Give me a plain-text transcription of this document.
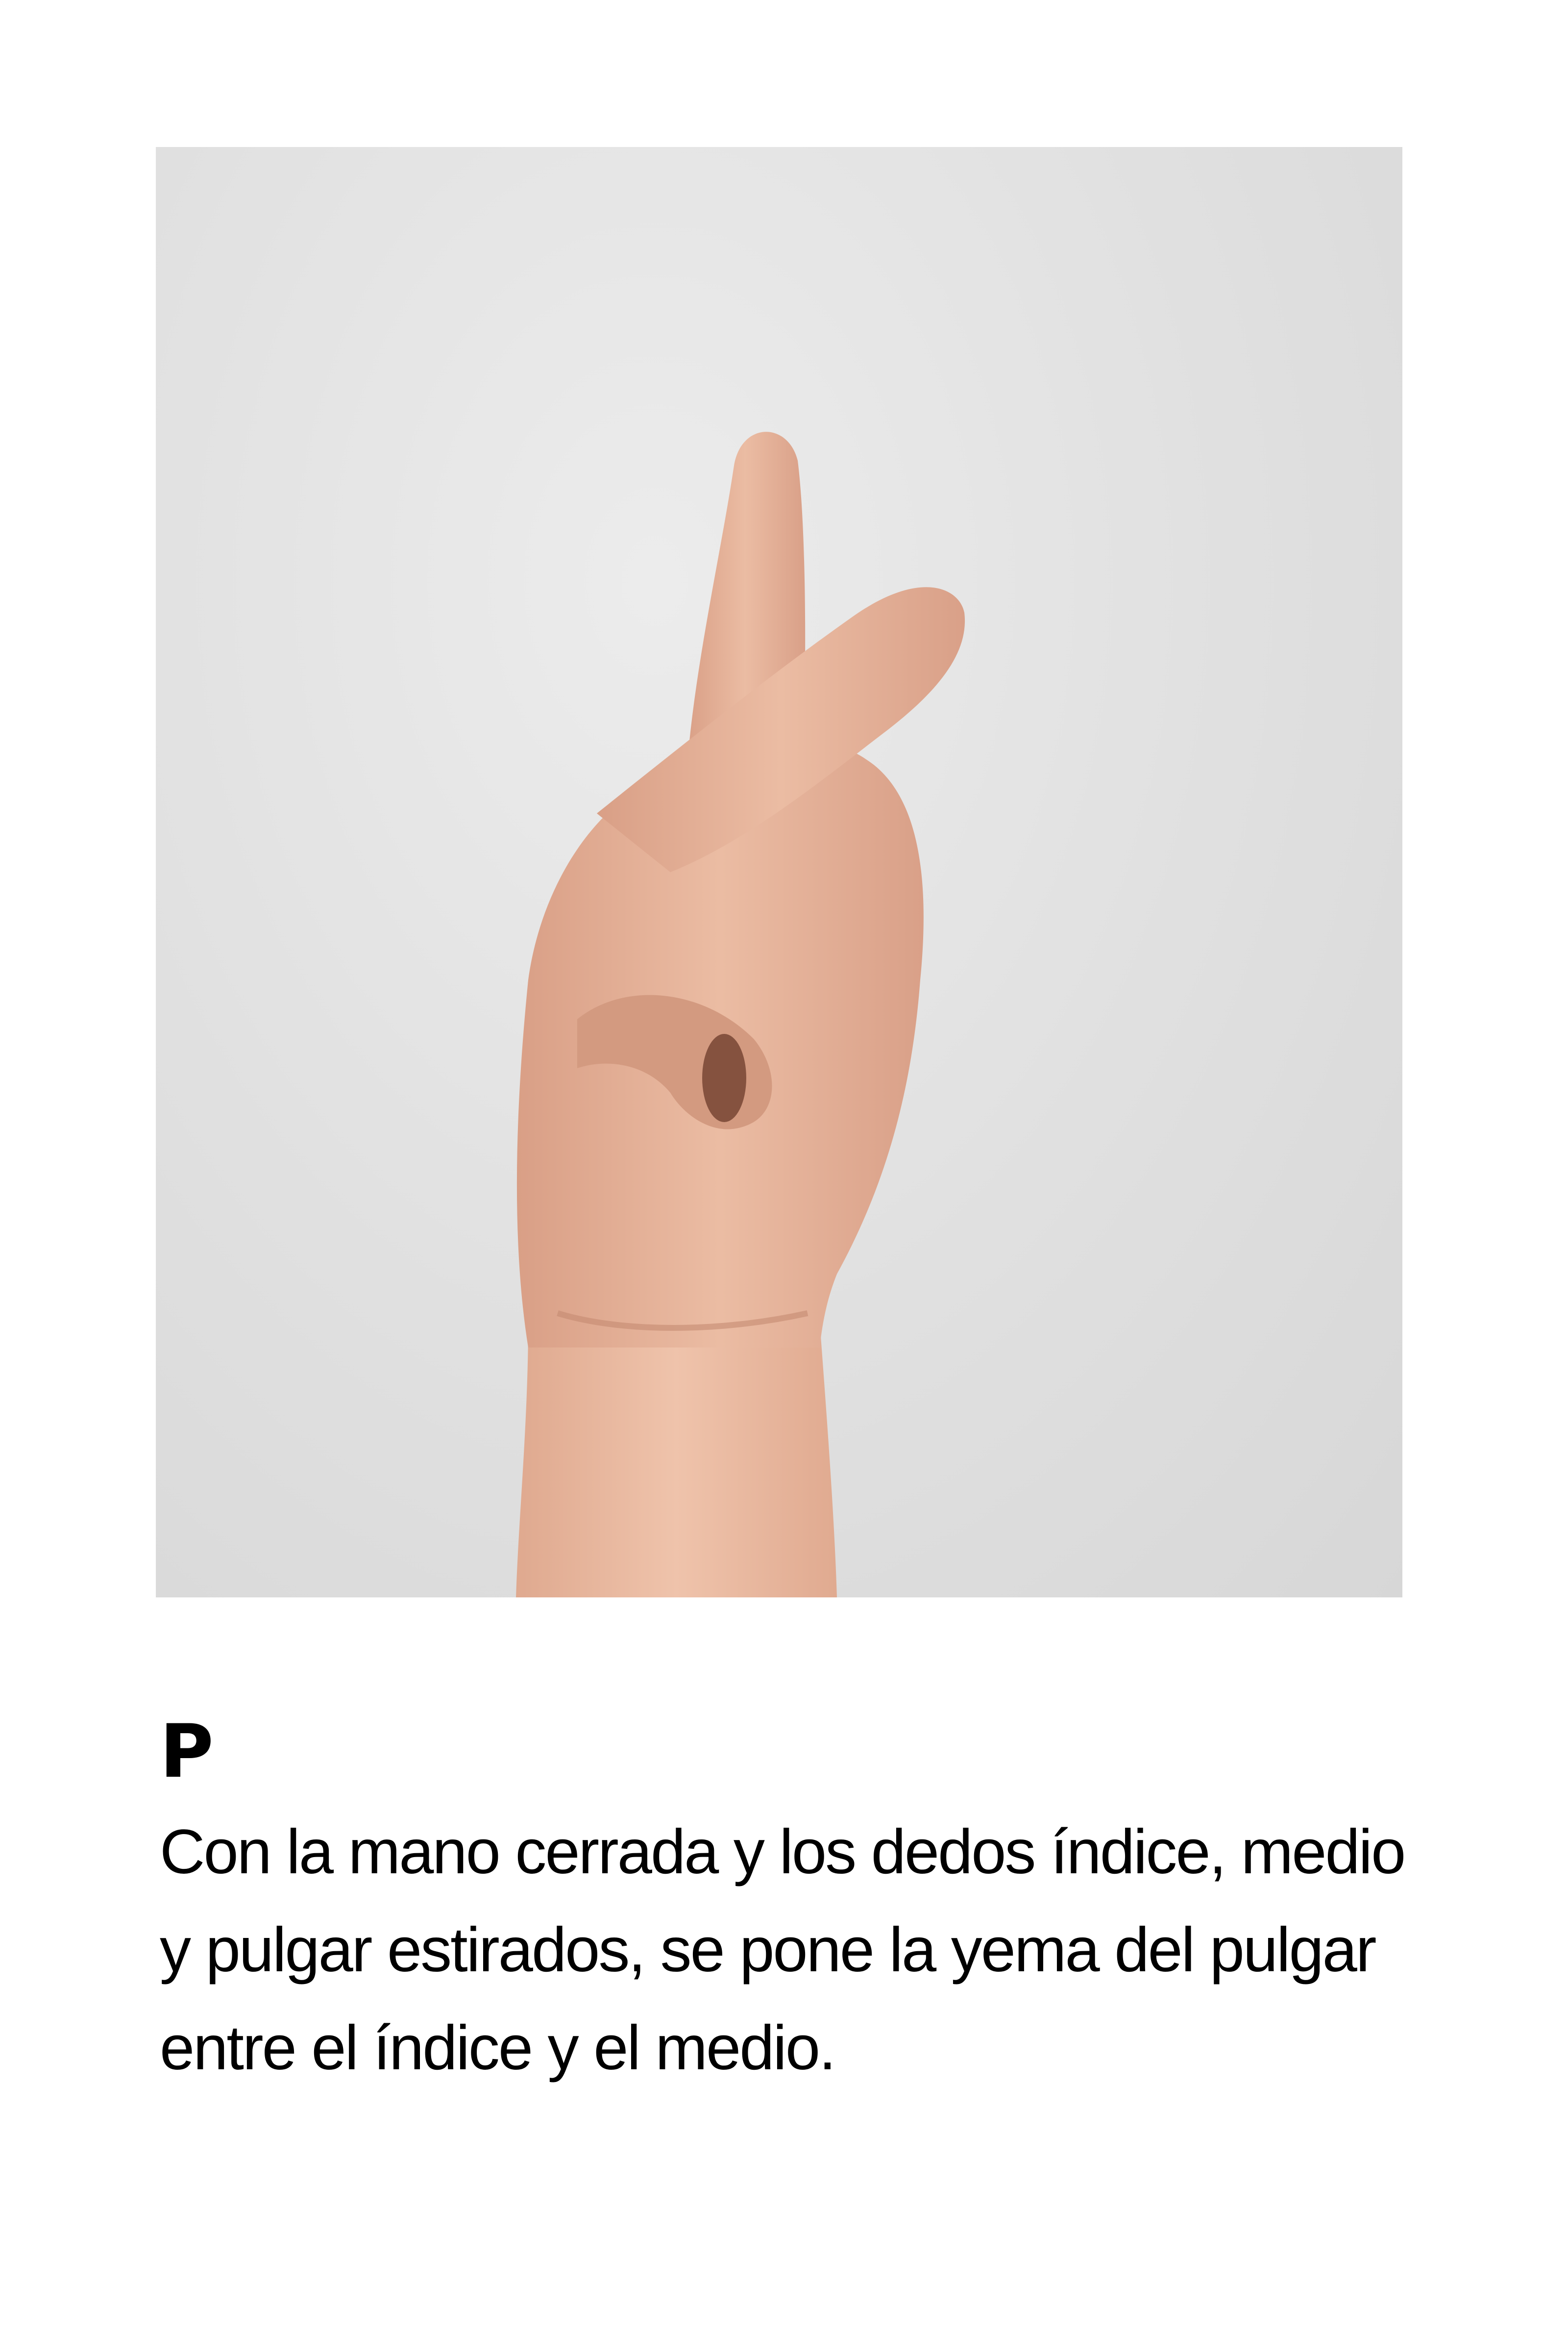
P

Con la mano cerrada y los dedos índice, medio
y pulgar estirados, se pone la yema del pulgar
entre el índice y el medio.
